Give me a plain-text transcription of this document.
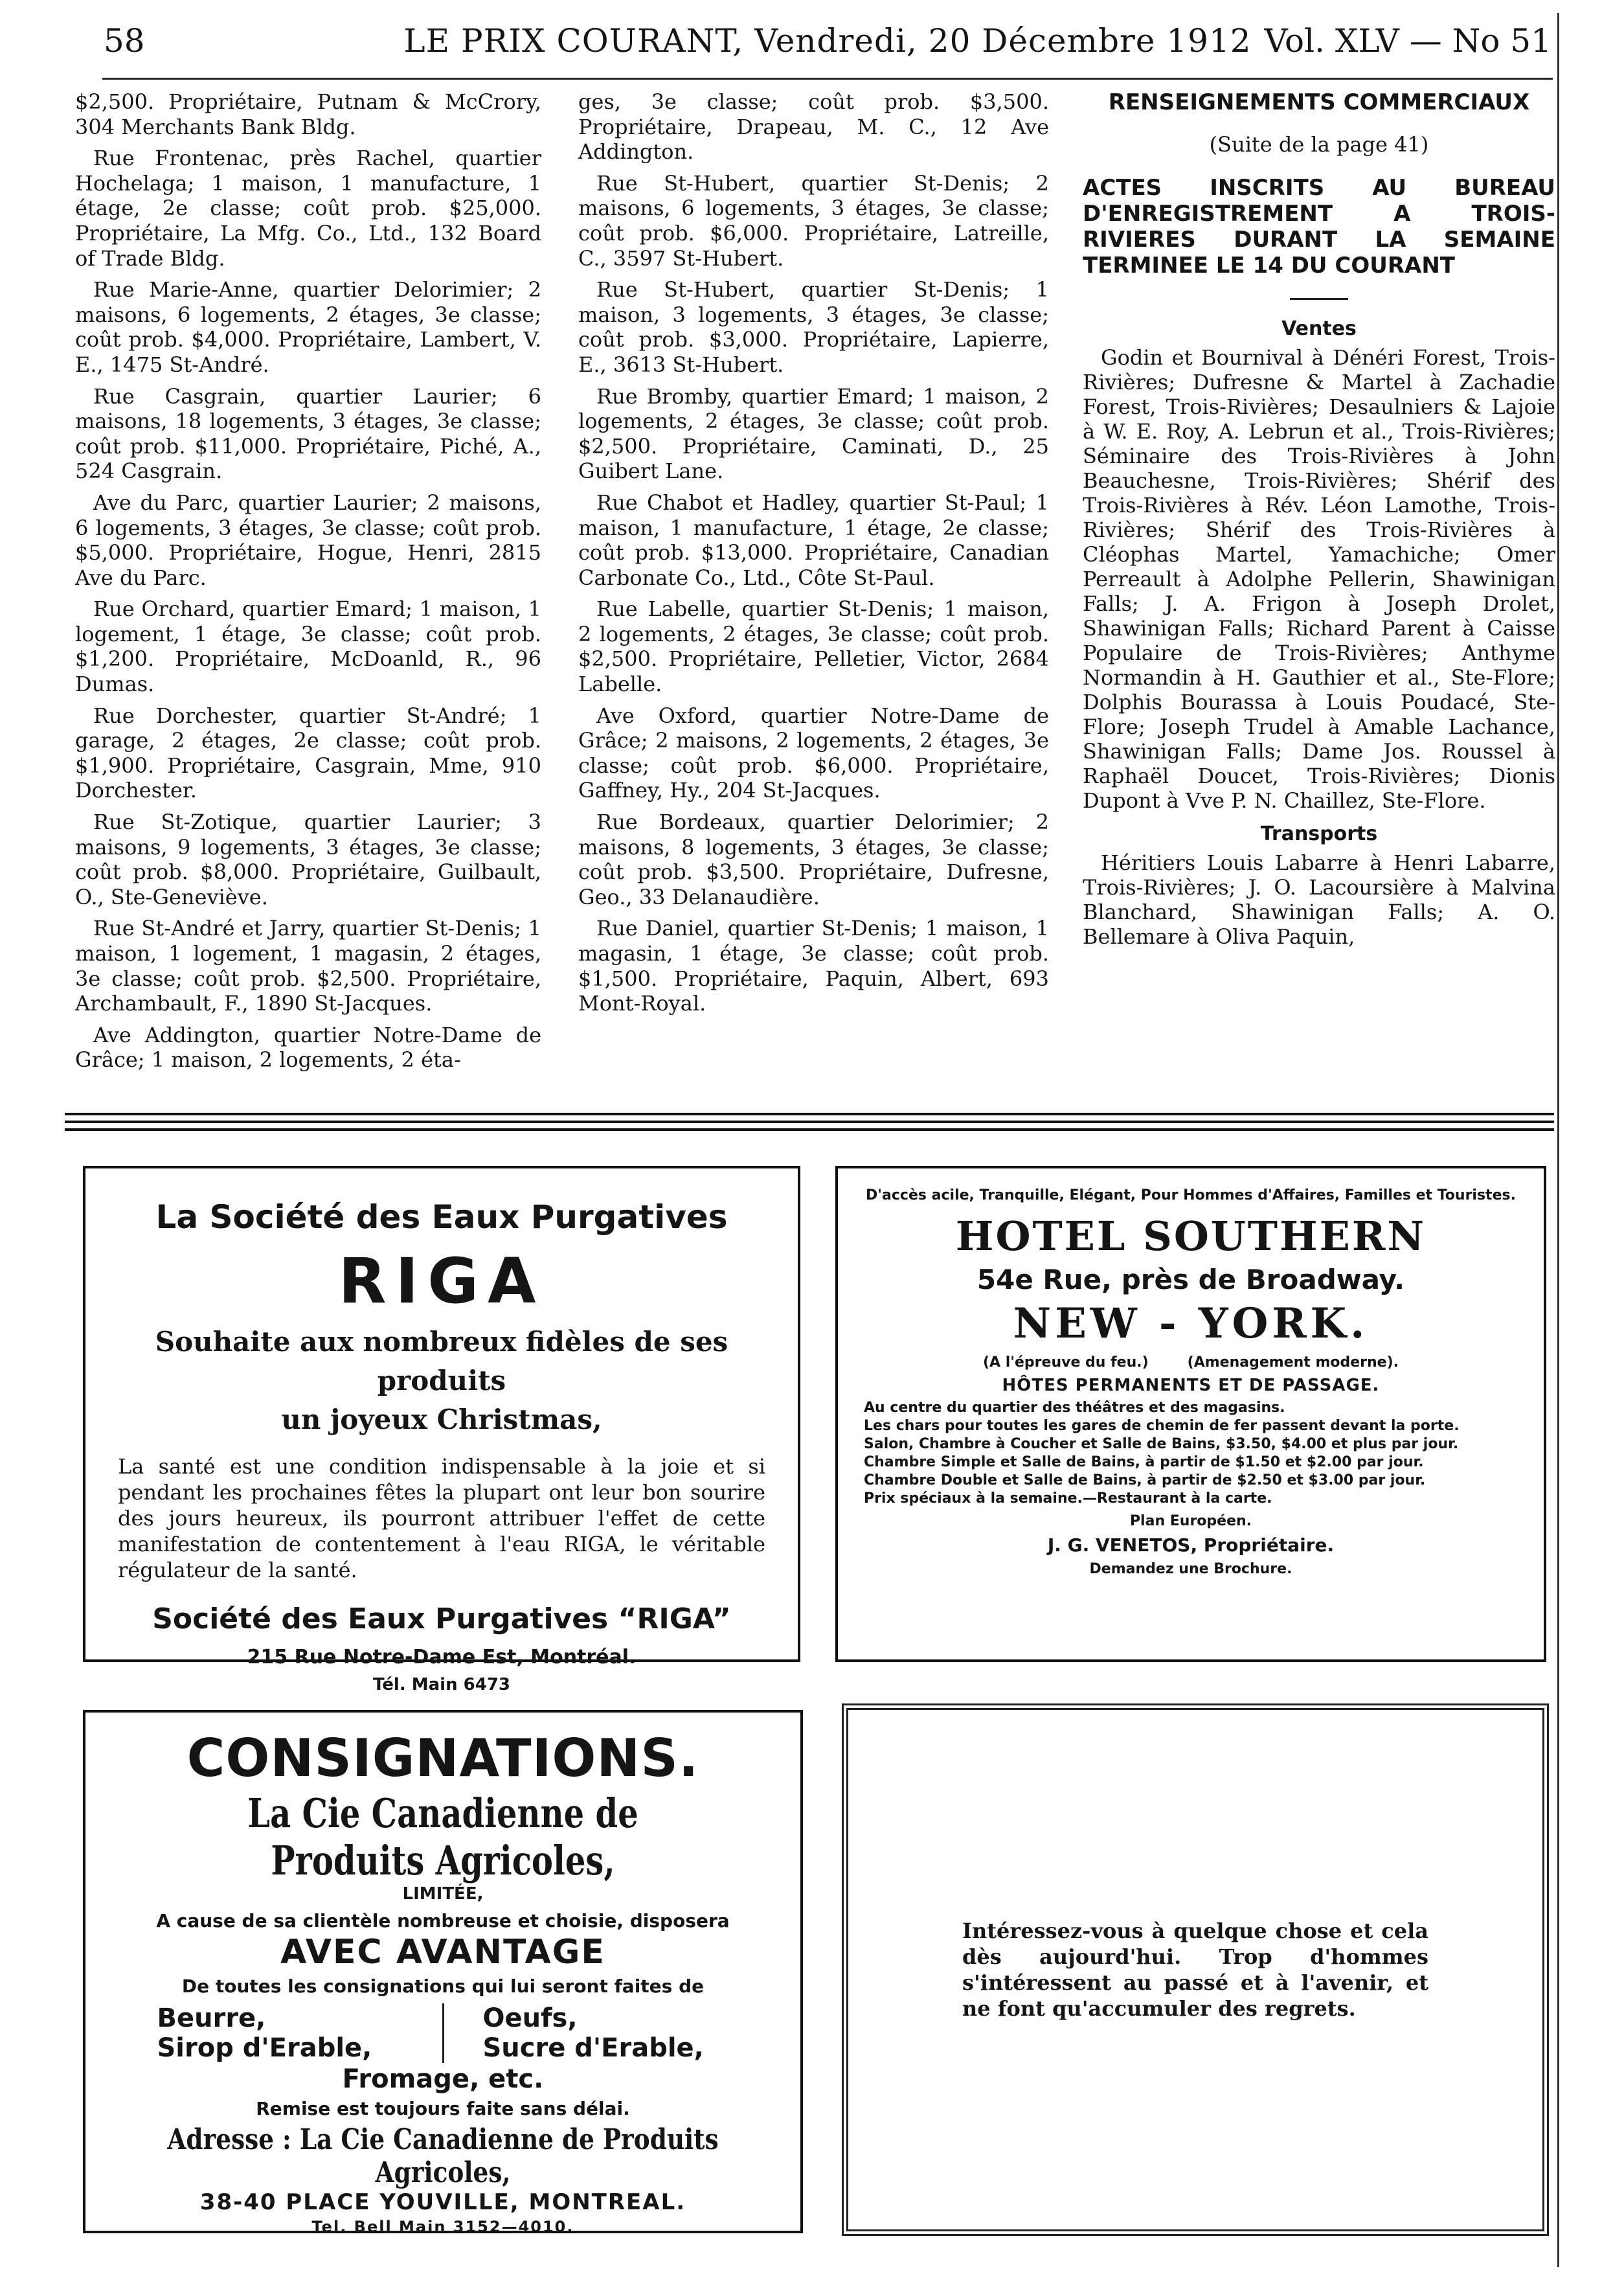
58	LE PRIX COURANT, Vendredi, 20 Décembre 1912 Vol. XLV — No 51

$2,500. Propriétaire, Putnam & McCrory, 304 Merchants Bank Bldg.

Rue Frontenac, près Rachel, quartier Hochelaga; 1 maison, 1 manufacture, 1 étage, 2e classe; coût prob. $25,000. Propriétaire, La Mfg. Co., Ltd., 132 Board of Trade Bldg.

Rue Marie-Anne, quartier Delorimier; 2 maisons, 6 logements, 2 étages, 3e classe; coût prob. $4,000. Propriétaire, Lambert, V. E., 1475 St-André.

Rue Casgrain, quartier Laurier; 6 maisons, 18 logements, 3 étages, 3e classe; coût prob. $11,000. Propriétaire, Piché, A., 524 Casgrain.

Ave du Parc, quartier Laurier; 2 maisons, 6 logements, 3 étages, 3e classe; coût prob. $5,000. Propriétaire, Hogue, Henri, 2815 Ave du Parc.

Rue Orchard, quartier Emard; 1 maison, 1 logement, 1 étage, 3e classe; coût prob. $1,200. Propriétaire, McDoanld, R., 96 Dumas.

Rue Dorchester, quartier St-André; 1 garage, 2 étages, 2e classe; coût prob. $1,900. Propriétaire, Casgrain, Mme, 910 Dorchester.

Rue St-Zotique, quartier Laurier; 3 maisons, 9 logements, 3 étages, 3e classe; coût prob. $8,000. Propriétaire, Guilbault, O., Ste-Geneviève.

Rue St-André et Jarry, quartier St-Denis; 1 maison, 1 logement, 1 magasin, 2 étages, 3e classe; coût prob. $2,500. Propriétaire, Archambault, F., 1890 St-Jacques.

Ave Addington, quartier Notre-Dame de Grâce; 1 maison, 2 logements, 2 éta-

ges, 3e classe; coût prob. $3,500. Propriétaire, Drapeau, M. C., 12 Ave Addington.

Rue St-Hubert, quartier St-Denis; 2 maisons, 6 logements, 3 étages, 3e classe; coût prob. $6,000. Propriétaire, Latreille, C., 3597 St-Hubert.

Rue St-Hubert, quartier St-Denis; 1 maison, 3 logements, 3 étages, 3e classe; coût prob. $3,000. Propriétaire, Lapierre, E., 3613 St-Hubert.

Rue Bromby, quartier Emard; 1 maison, 2 logements, 2 étages, 3e classe; coût prob. $2,500. Propriétaire, Caminati, D., 25 Guibert Lane.

Rue Chabot et Hadley, quartier St-Paul; 1 maison, 1 manufacture, 1 étage, 2e classe; coût prob. $13,000. Propriétaire, Canadian Carbonate Co., Ltd., Côte St-Paul.

Rue Labelle, quartier St-Denis; 1 maison, 2 logements, 2 étages, 3e classe; coût prob. $2,500. Propriétaire, Pelletier, Victor, 2684 Labelle.

Ave Oxford, quartier Notre-Dame de Grâce; 2 maisons, 2 logements, 2 étages, 3e classe; coût prob. $6,000. Propriétaire, Gaffney, Hy., 204 St-Jacques.

Rue Bordeaux, quartier Delorimier; 2 maisons, 8 logements, 3 étages, 3e classe; coût prob. $3,500. Propriétaire, Dufresne, Geo., 33 Delanaudière.

Rue Daniel, quartier St-Denis; 1 maison, 1 magasin, 1 étage, 3e classe; coût prob. $1,500. Propriétaire, Paquin, Albert, 693 Mont-Royal.

RENSEIGNEMENTS COMMERCIAUX
(Suite de la page 41)
ACTES INSCRITS AU BUREAU D'ENREGISTREMENT A TROIS-RIVIERES DURANT LA SEMAINE TERMINEE LE 14 DU COURANT
Ventes

Godin et Bournival à Dénéri Forest, Trois-Rivières; Dufresne & Martel à Zachadie Forest, Trois-Rivières; Desaulniers & Lajoie à W. E. Roy, A. Lebrun et al., Trois-Rivières; Séminaire des Trois-Rivières à John Beauchesne, Trois-Rivières; Shérif des Trois-Rivières à Rév. Léon Lamothe, Trois-Rivières; Shérif des Trois-Rivières à Cléophas Martel, Yamachiche; Omer Perreault à Adolphe Pellerin, Shawinigan Falls; J. A. Frigon à Joseph Drolet, Shawinigan Falls; Richard Parent à Caisse Populaire de Trois-Rivières; Anthyme Normandin à H. Gauthier et al., Ste-Flore; Dolphis Bourassa à Louis Poudacé, Ste-Flore; Joseph Trudel à Amable Lachance, Shawinigan Falls; Dame Jos. Roussel à Raphaël Doucet, Trois-Rivières; Dionis Dupont à Vve P. N. Chaillez, Ste-Flore.

Transports

Héritiers Louis Labarre à Henri Labarre, Trois-Rivières; J. O. Lacoursière à Malvina Blanchard, Shawinigan Falls; A. O. Bellemare à Oliva Paquin,

La Société des Eaux Purgatives
RIGA
Souhaite aux nombreux fidèles de ses produits
un joyeux Christmas,
La santé est une condition indispensable à la joie et si pendant les prochaines fêtes la plupart ont leur bon sourire des jours heureux, ils pourront attribuer l'effet de cette manifestation de contentement à l'eau RIGA, le véritable régulateur de la santé.
Société des Eaux Purgatives “RIGA”
215 Rue Notre-Dame Est, Montréal.
Tél. Main 6473
D'accès acile, Tranquille, Elégant, Pour Hommes d'Affaires, Familles et Touristes.
HOTEL SOUTHERN
54e Rue, près de Broadway.
NEW - YORK.
(A l'épreuve du feu.)	(Amenagement moderne).
HÔTES PERMANENTS ET DE PASSAGE.
Au centre du quartier des théâtres et des magasins.
Les chars pour toutes les gares de chemin de fer passent devant la porte.
Salon, Chambre à Coucher et Salle de Bains, $3.50, $4.00 et plus par jour.
Chambre Simple et Salle de Bains, à partir de $1.50 et $2.00 par jour.
Chambre Double et Salle de Bains, à partir de $2.50 et $3.00 par jour.
Prix spéciaux à la semaine.—Restaurant à la carte.
Plan Européen.
J. G. VENETOS, Propriétaire.
Demandez une Brochure.
CONSIGNATIONS.
La Cie Canadienne de Produits Agricoles,
LIMITÉE,
A cause de sa clientèle nombreuse et choisie, disposera
AVEC AVANTAGE
De toutes les consignations qui lui seront faites de
Beurre,
Sirop d'Erable,
Oeufs,
Sucre d'Erable,
Fromage, etc.
Remise est toujours faite sans délai.
Adresse : La Cie Canadienne de Produits Agricoles,
38-40 PLACE YOUVILLE, MONTREAL.
Tel. Bell Main 3152—4010.
Intéressez-vous à quelque chose et cela dès aujourd'hui. Trop d'hommes s'intéressent au passé et à l'avenir, et ne font qu'accumuler des regrets.
